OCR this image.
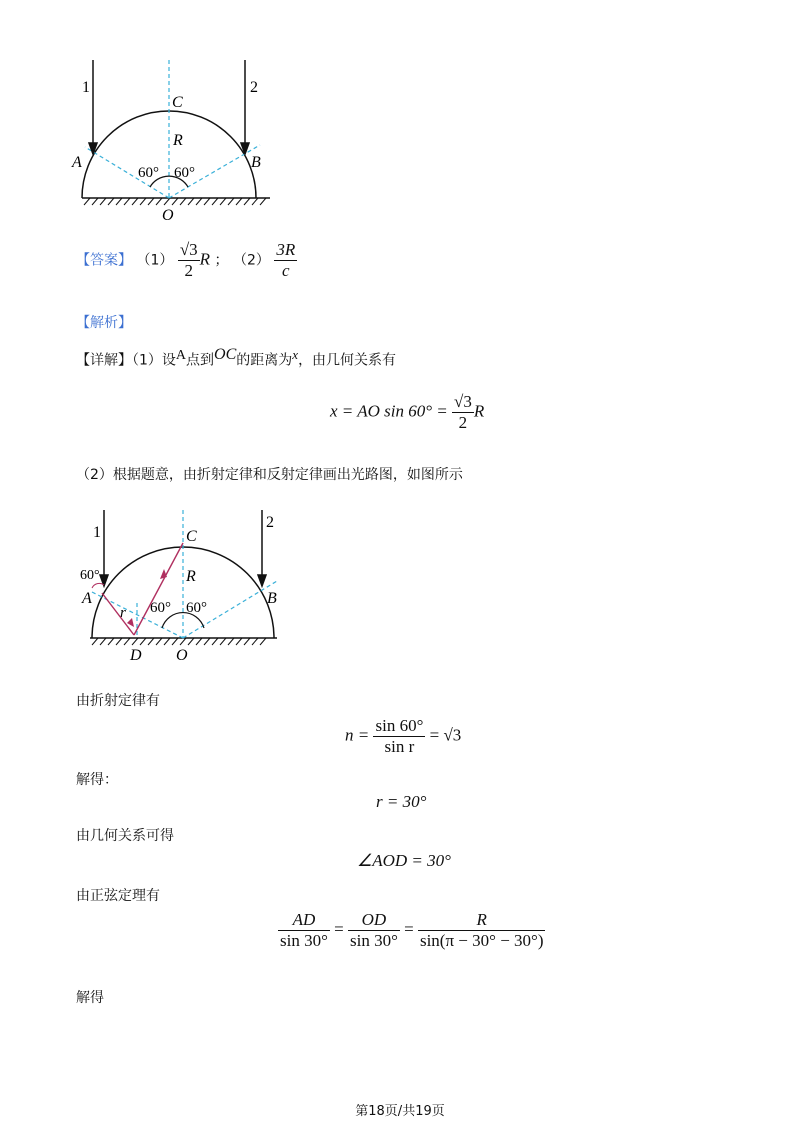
1	2
C
R
A	B
O
60° 60°
【答案】 $(1) \frac{√3}{2}$ R ； $(2) \frac{3R}{c}$
【解析】
【详解】（1）设$^A$点到$^{OC}$的距离为$^x$，由几何关系有
x = AO $\sin 60^\circ = \frac{√3}{2}$ R
（2）根据题意，由折射定律和反射定律画出光路图，如图所示
1
2
C
R
A	B
O
D
r
60°
60° 60°
由折射定律有
$n = \frac{\sin 60^\circ}{\text{sin r}} = √3$
解得：
r = 30°
由几何关系可得
∠AOD = 30°
由正弦定理有
$\frac{AD}{\sin 30^\circ} = \frac{OD}{\sin 30^\circ} = \frac{R}{\sin(\pi - 30^\circ - 30^\circ)}$
解得
第18页/共19页
